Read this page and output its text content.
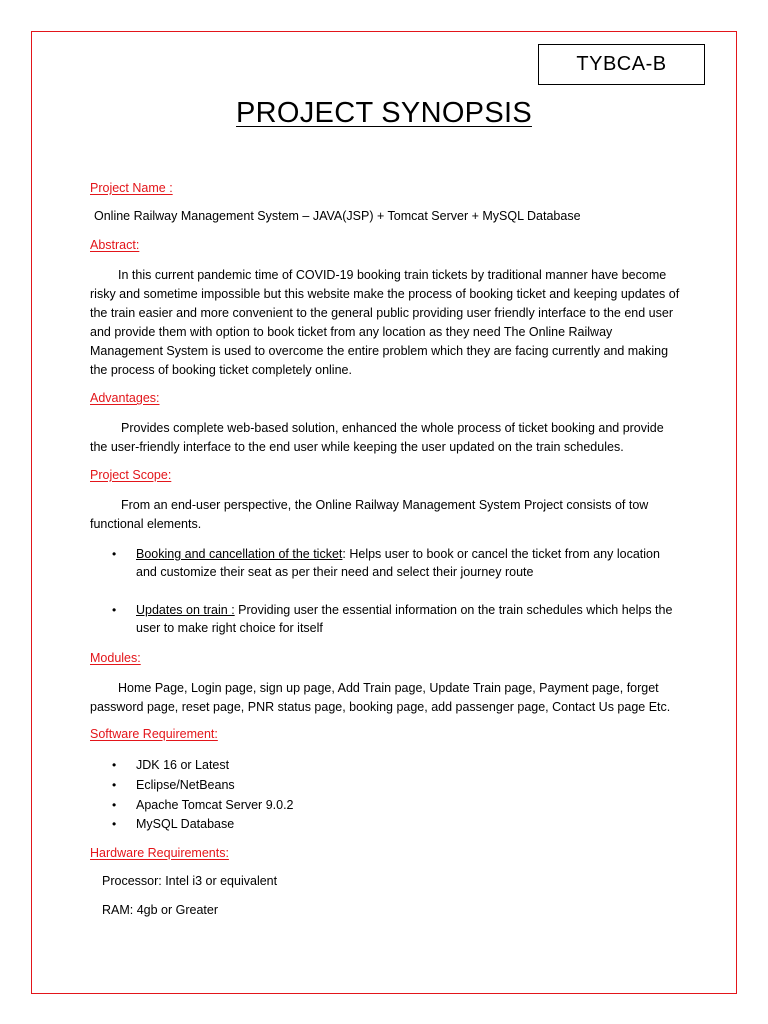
TYBCA-B
PROJECT SYNOPSIS
Project Name :
Online Railway Management System – JAVA(JSP) + Tomcat Server + MySQL Database
Abstract:
In this current pandemic time of COVID-19 booking train tickets by traditional manner have become risky and sometime impossible but this website make the process of booking ticket and keeping updates of the train easier and more convenient to the general public providing user friendly interface to the end user and provide them with option to book ticket from any location as they need The Online Railway Management System is used to overcome the entire problem which they are facing currently and making the process of booking ticket completely online.
Advantages:
Provides complete web-based solution, enhanced the whole process of ticket booking and provide the user-friendly interface to the end user while keeping the user updated on the train schedules.
Project Scope:
From an end-user perspective, the Online Railway Management System Project consists of tow functional elements.
•	Booking and cancellation of the ticket: Helps user to book or cancel the ticket from any location and customize their seat as per their need and select their journey route
•	Updates on train : Providing user the essential information on the train schedules which helps the user to make right choice for itself
Modules:
Home Page, Login page, sign up page, Add Train page, Update Train page, Payment page, forget password page, reset page, PNR status page, booking page, add passenger page, Contact Us page Etc.
Software Requirement:
•	JDK 16 or Latest
•	Eclipse/NetBeans
•	Apache Tomcat Server 9.0.2
•	MySQL Database
Hardware Requirements:
Processor: Intel i3 or equivalent
RAM: 4gb or Greater
